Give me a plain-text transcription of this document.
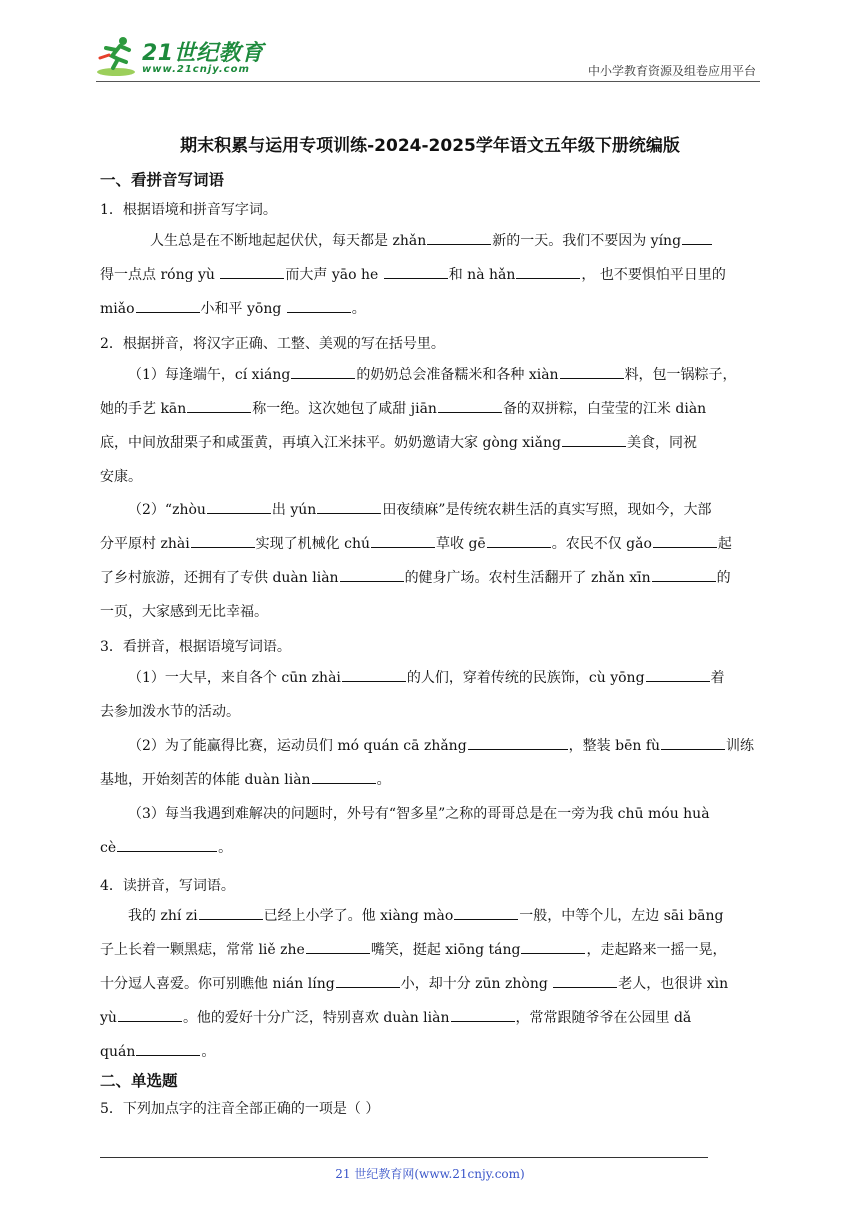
21世纪教育
www.21cnjy.com	中小学教育资源及组卷应用平台
期末积累与运用专项训练-2024-2025学年语文五年级下册统编版
一、看拼音写词语
1．根据语境和拼音写字词。
人生总是在不断地起起伏伏，每天都是 zhǎn	新的一天。我们不要因为 yíng
得一点点 róng yù	而大声 yāo he	和 nà hǎn	， 也不要惧怕平日里的
miǎo	小和平 yōng	。
2．根据拼音，将汉字正确、工整、美观的写在括号里。
（1）每逢端午，cí xiáng	的奶奶总会准备糯米和各种 xiàn	料，包一锅粽子，
她的手艺 kān	称一绝。这次她包了咸甜 jiān	备的双拼粽，白莹莹的江米 diàn
底，中间放甜栗子和咸蛋黄，再填入江米抹平。奶奶邀请大家 gòng xiǎng	美食，同祝
安康。
（2）“zhòu	出 yún	田夜绩麻”是传统农耕生活的真实写照，现如今，大部
分平原村 zhài	实现了机械化 chú	草收 gē	。农民不仅 gǎo	起
了乡村旅游，还拥有了专供 duàn liàn	的健身广场。农村生活翻开了 zhǎn xīn	的
一页，大家感到无比幸福。
3．看拼音，根据语境写词语。
（1）一大早，来自各个 cūn zhài	的人们，穿着传统的民族饰，cù yōng	着
去参加泼水节的活动。
（2）为了能赢得比赛，运动员们 mó quán cā zhǎng	，整装 bēn fù	训练
基地，开始刻苦的体能 duàn liàn	。
（3）每当我遇到难解决的问题时，外号有“智多星”之称的哥哥总是在一旁为我 chū móu huà
cè	。
4．读拼音，写词语。
我的 zhí zi	已经上小学了。他 xiàng mào	一般，中等个儿，左边 sāi bāng
子上长着一颗黑痣，常常 liě zhe	嘴笑，挺起 xiōng táng	，走起路来一摇一晃，
十分逗人喜爱。你可别瞧他 nián líng	小，却十分 zūn zhòng	老人，也很讲 xìn
yù	。他的爱好十分广泛，特别喜欢 duàn liàn	，常常跟随爷爷在公园里 dǎ
quán	。
二、单选题
5．下列加点字的注音全部正确的一项是（ ）
21 世纪教育网(www.21cnjy.com)
